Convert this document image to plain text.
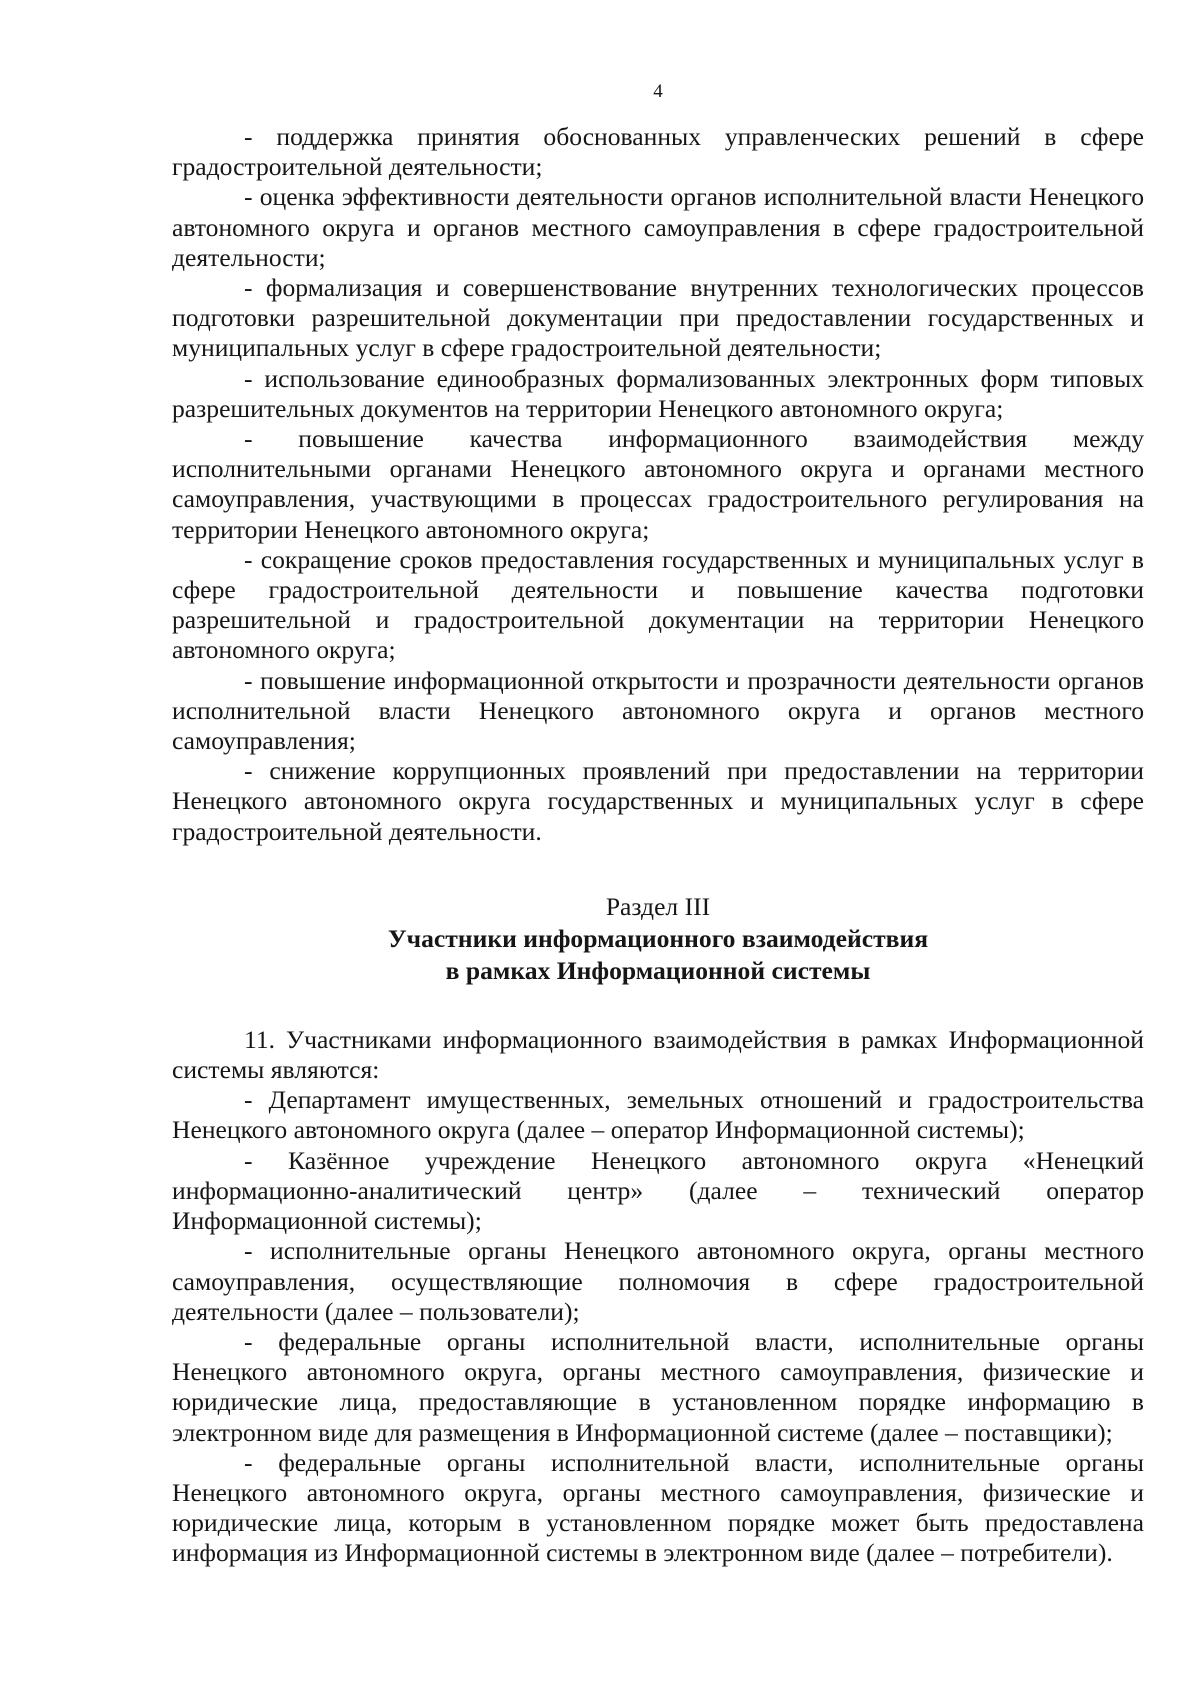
4

- поддержка принятия обоснованных управленческих решений в сфере градостроительной деятельности;

- оценка эффективности деятельности органов исполнительной власти Ненецкого автономного округа и органов местного самоуправления в сфере градостроительной деятельности;

- формализация и совершенствование внутренних технологических процессов подготовки разрешительной документации при предоставлении государственных и муниципальных услуг в сфере градостроительной деятельности;

- использование единообразных формализованных электронных форм типовых разрешительных документов на территории Ненецкого автономного округа;

- повышение качества информационного взаимодействия между исполнительными органами Ненецкого автономного округа и органами местного самоуправления, участвующими в процессах градостроительного регулирования на территории Ненецкого автономного округа;

- сокращение сроков предоставления государственных и муниципальных услуг в сфере градостроительной деятельности и повышение качества подготовки разрешительной и градостроительной документации на территории Ненецкого автономного округа;

- повышение информационной открытости и прозрачности деятельности органов исполнительной власти Ненецкого автономного округа и органов местного самоуправления;

- снижение коррупционных проявлений при предоставлении на территории Ненецкого автономного округа государственных и муниципальных услуг в сфере градостроительной деятельности.

Раздел III
Участники информационного взаимодействия
в рамках Информационной системы

11. Участниками информационного взаимодействия в рамках Информационной системы являются:

- Департамент имущественных, земельных отношений и градостроительства Ненецкого автономного округа (далее – оператор Информационной системы);

- Казённое учреждение Ненецкого автономного округа «Ненецкий информационно-аналитический центр» (далее – технический оператор Информационной системы);

- исполнительные органы Ненецкого автономного округа, органы местного самоуправления, осуществляющие полномочия в сфере градостроительной деятельности (далее – пользователи);

- федеральные органы исполнительной власти, исполнительные органы Ненецкого автономного округа, органы местного самоуправления, физические и юридические лица, предоставляющие в установленном порядке информацию в электронном виде для размещения в Информационной системе (далее – поставщики);

- федеральные органы исполнительной власти, исполнительные органы Ненецкого автономного округа, органы местного самоуправления, физические и юридические лица, которым в установленном порядке может быть предоставлена информация из Информационной системы в электронном виде (далее – потребители).
